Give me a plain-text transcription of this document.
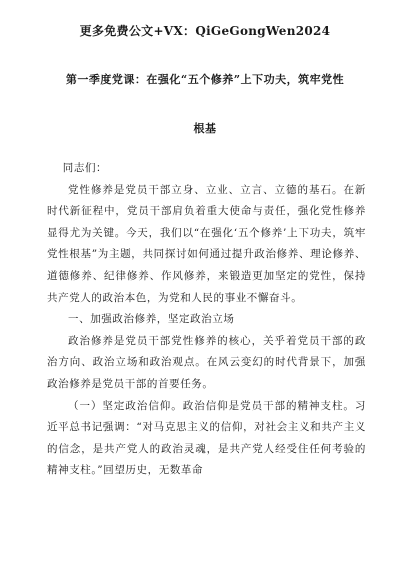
更多免费公文+VX：QiGeGongWen2024
第一季度党课：在强化“五个修养”上下功夫，筑牢党性
根基

同志们：

党性修养是党员干部立身、立业、立言、立德的基石。在新时代新征程中，党员干部肩负着重大使命与责任，强化党性修养显得尤为关键。今天，我们以“在强化‘五个修养’上下功夫，筑牢党性根基”为主题，共同探讨如何通过提升政治修养、理论修养、道德修养、纪律修养、作风修养，来锻造更加坚定的党性，保持共产党人的政治本色，为党和人民的事业不懈奋斗。

一、加强政治修养，坚定政治立场

政治修养是党员干部党性修养的核心，关乎着党员干部的政治方向、政治立场和政治观点。在风云变幻的时代背景下，加强政治修养是党员干部的首要任务。

（一）坚定政治信仰。政治信仰是党员干部的精神支柱。习近平总书记强调：“对马克思主义的信仰，对社会主义和共产主义的信念，是共产党人的政治灵魂，是共产党人经受住任何考验的精神支柱。”回望历史，无数革命
